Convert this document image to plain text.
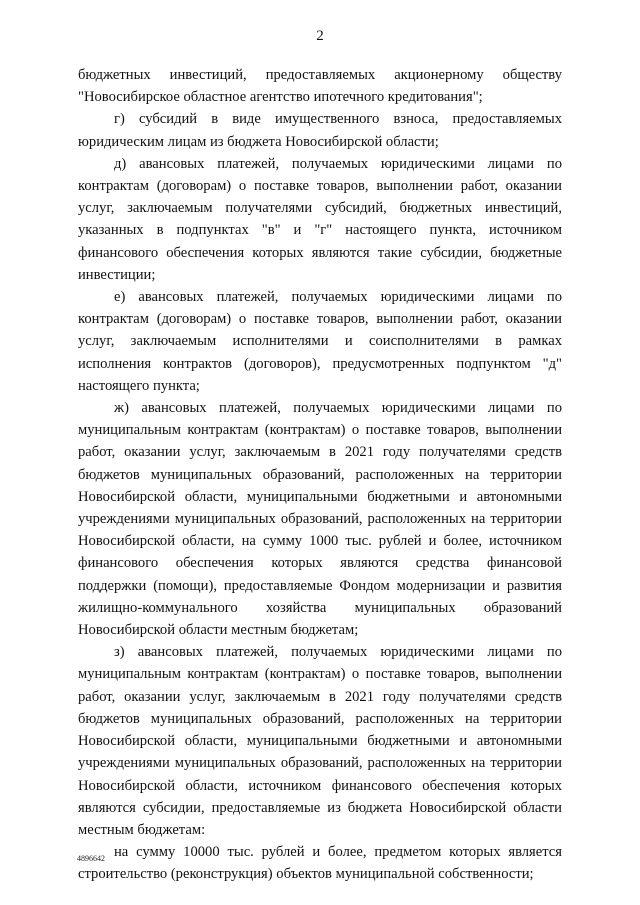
2

бюджетных инвестиций, предоставляемых акционерному обществу "Новосибирское областное агентство ипотечного кредитования";

г) субсидий в виде имущественного взноса, предоставляемых юридическим лицам из бюджета Новосибирской области;

д) авансовых платежей, получаемых юридическими лицами по контрактам (договорам) о поставке товаров, выполнении работ, оказании услуг, заключаемым получателями субсидий, бюджетных инвестиций, указанных в подпунктах "в" и "г" настоящего пункта, источником финансового обеспечения которых являются такие субсидии, бюджетные инвестиции;

е) авансовых платежей, получаемых юридическими лицами по контрактам (договорам) о поставке товаров, выполнении работ, оказании услуг, заключаемым исполнителями и соисполнителями в рамках исполнения контрактов (договоров), предусмотренных подпунктом "д" настоящего пункта;

ж) авансовых платежей, получаемых юридическими лицами по муниципальным контрактам (контрактам) о поставке товаров, выполнении работ, оказании услуг, заключаемым в 2021 году получателями средств бюджетов муниципальных образований, расположенных на территории Новосибирской области, муниципальными бюджетными и автономными учреждениями муниципальных образований, расположенных на территории Новосибирской области, на сумму 1000 тыс. рублей и более, источником финансового обеспечения которых являются средства финансовой поддержки (помощи), предоставляемые Фондом модернизации и развития жилищно-коммунального хозяйства муниципальных образований Новосибирской области местным бюджетам;

з) авансовых платежей, получаемых юридическими лицами по муниципальным контрактам (контрактам) о поставке товаров, выполнении работ, оказании услуг, заключаемым в 2021 году получателями средств бюджетов муниципальных образований, расположенных на территории Новосибирской области, муниципальными бюджетными и автономными учреждениями муниципальных образований, расположенных на территории Новосибирской области, источником финансового обеспечения которых являются субсидии, предоставляемые из бюджета Новосибирской области местным бюджетам:

на сумму 10000 тыс. рублей и более, предметом которых является строительство (реконструкция) объектов муниципальной собственности;

4896642
